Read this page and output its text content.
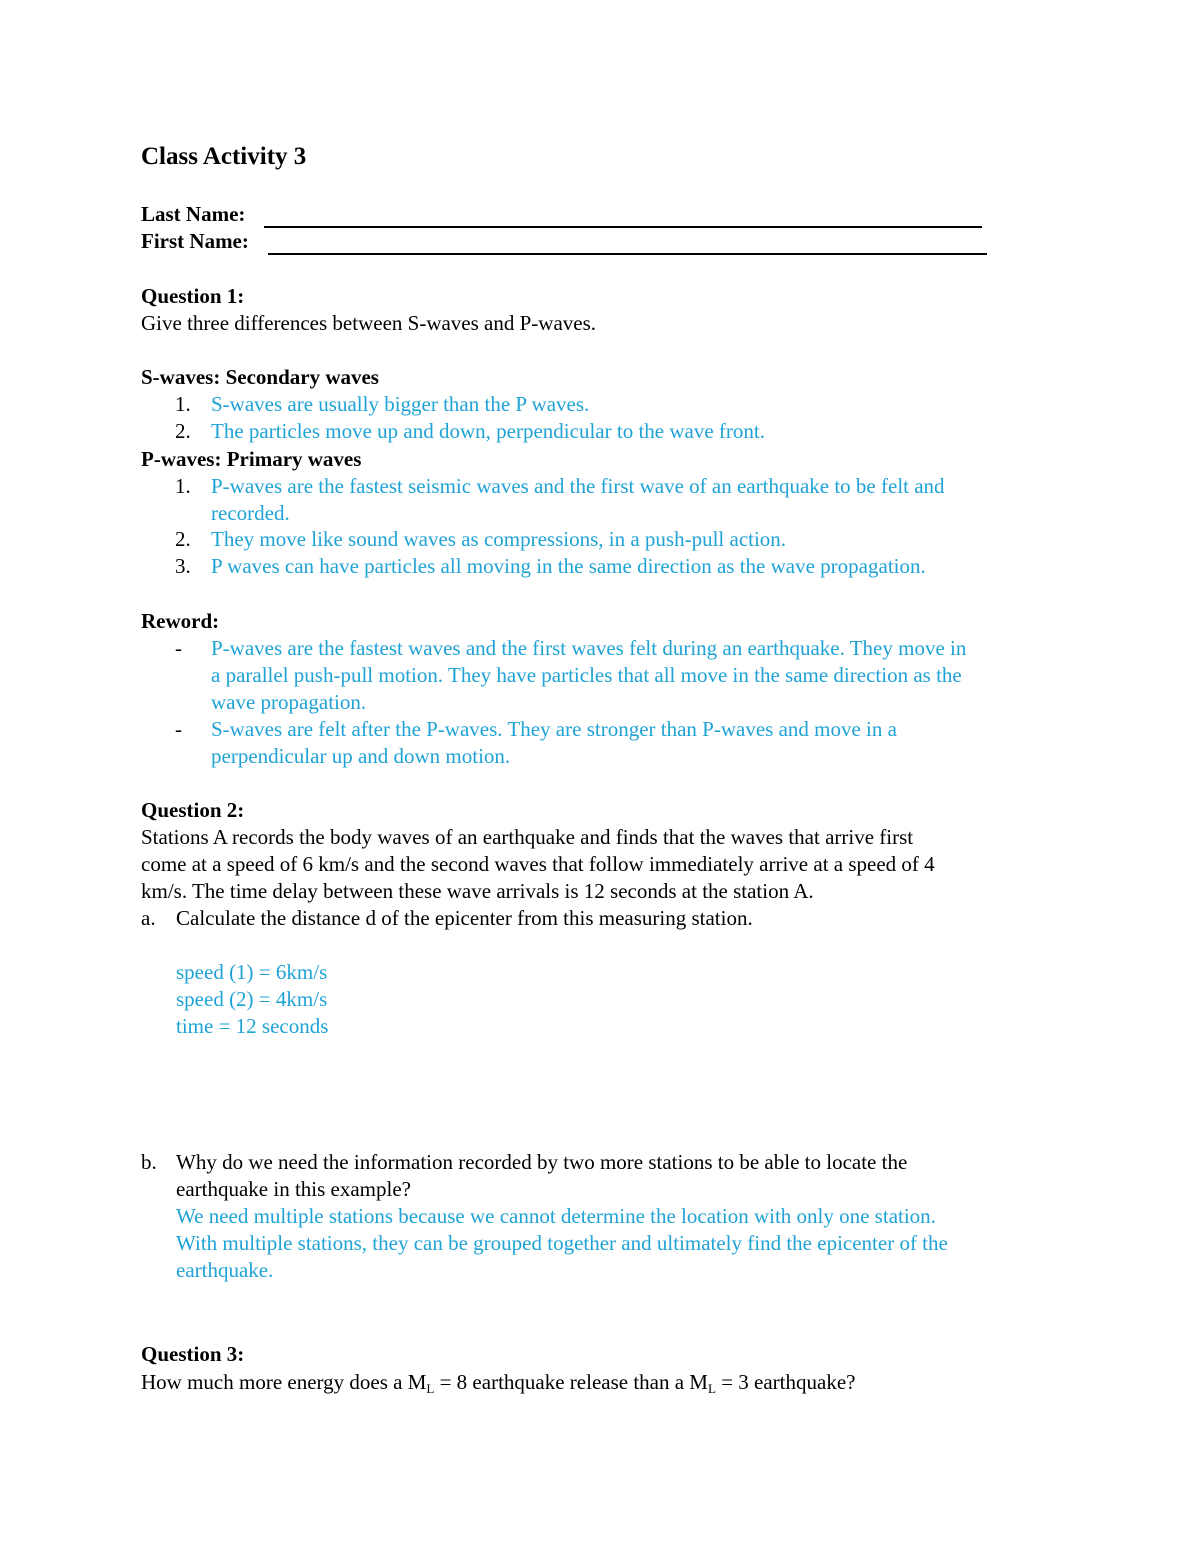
Class Activity 3
Last Name:
First Name:
Question 1:
Give three differences between S-waves and P-waves.
S-waves: Secondary waves
1. S-waves are usually bigger than the P waves.
2. The particles move up and down, perpendicular to the wave front.
P-waves: Primary waves
1. P-waves are the fastest seismic waves and the first wave of an earthquake to be felt and
recorded.
2. They move like sound waves as compressions, in a push-pull action.
3. P waves can have particles all moving in the same direction as the wave propagation.
Reword:
- P-waves are the fastest waves and the first waves felt during an earthquake. They move in
a parallel push-pull motion. They have particles that all move in the same direction as the
wave propagation.
- S-waves are felt after the P-waves. They are stronger than P-waves and move in a
perpendicular up and down motion.
Question 2:
Stations A records the body waves of an earthquake and finds that the waves that arrive first
come at a speed of 6 km/s and the second waves that follow immediately arrive at a speed of 4
km/s. The time delay between these wave arrivals is 12 seconds at the station A.
a. Calculate the distance d of the epicenter from this measuring station.
speed (1) = 6km/s
speed (2) = 4km/s
time = 12 seconds
b. Why do we need the information recorded by two more stations to be able to locate the
earthquake in this example?
We need multiple stations because we cannot determine the location with only one station.
With multiple stations, they can be grouped together and ultimately find the epicenter of the
earthquake.
Question 3:
How much more energy does a $M_L = 8$ earthquake release than a $M_L = 3$ earthquake?
